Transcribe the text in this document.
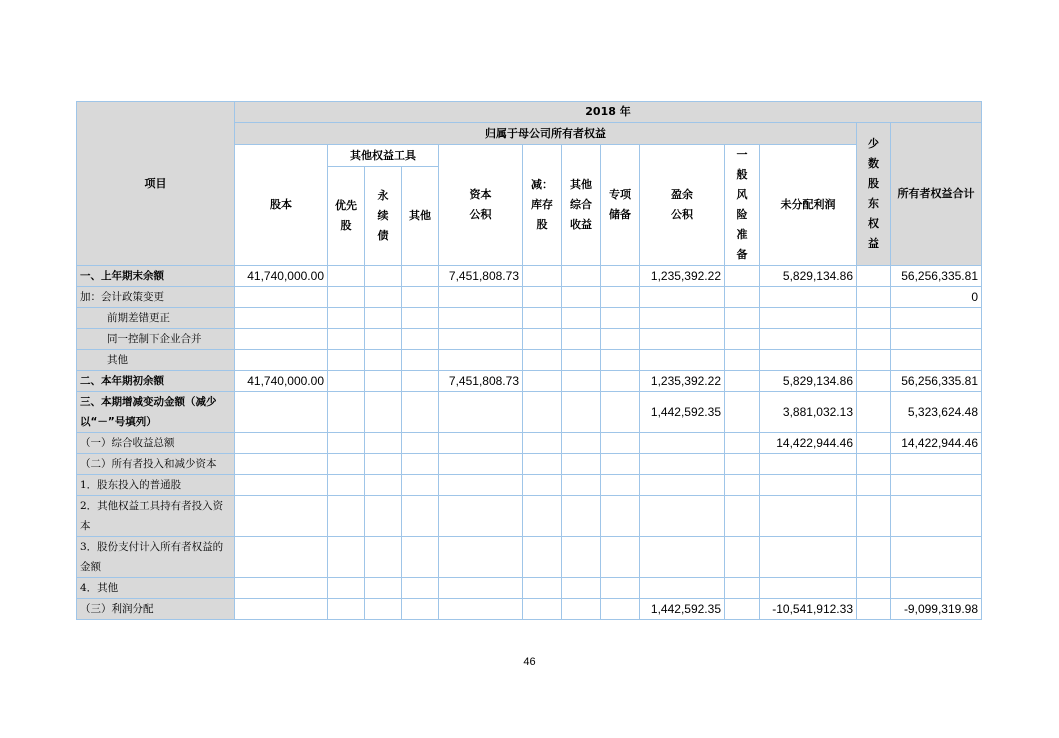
项目	2018 年												
	归属于母公司所有者权益											少数股东权益	所有者权益合计

	股本	其他权益工具			资本公积	减：库存股	其他综合收益	专项储备	盈余公积	一般风险准备	未分配利润		

		优先股	永续债	其他									
一、上年期末余额	41,740,000.00				7,451,808.73				1,235,392.22		5,829,134.86		56,256,335.81
加：会计政策变更													0
前期差错更正													
同一控制下企业合并													
其他													
二、本年期初余额	41,740,000.00				7,451,808.73				1,235,392.22		5,829,134.86		56,256,335.81
三、本期增减变动金额（减少以“－”号填列）									1,442,592.35		3,881,032.13		5,323,624.48
（一）综合收益总额											14,422,944.46		14,422,944.46
（二）所有者投入和减少资本													
1．股东投入的普通股													
2．其他权益工具持有者投入资本													
3．股份支付计入所有者权益的金额													
4．其他													
（三）利润分配									1,442,592.35		-10,541,912.33		-9,099,319.98
46
